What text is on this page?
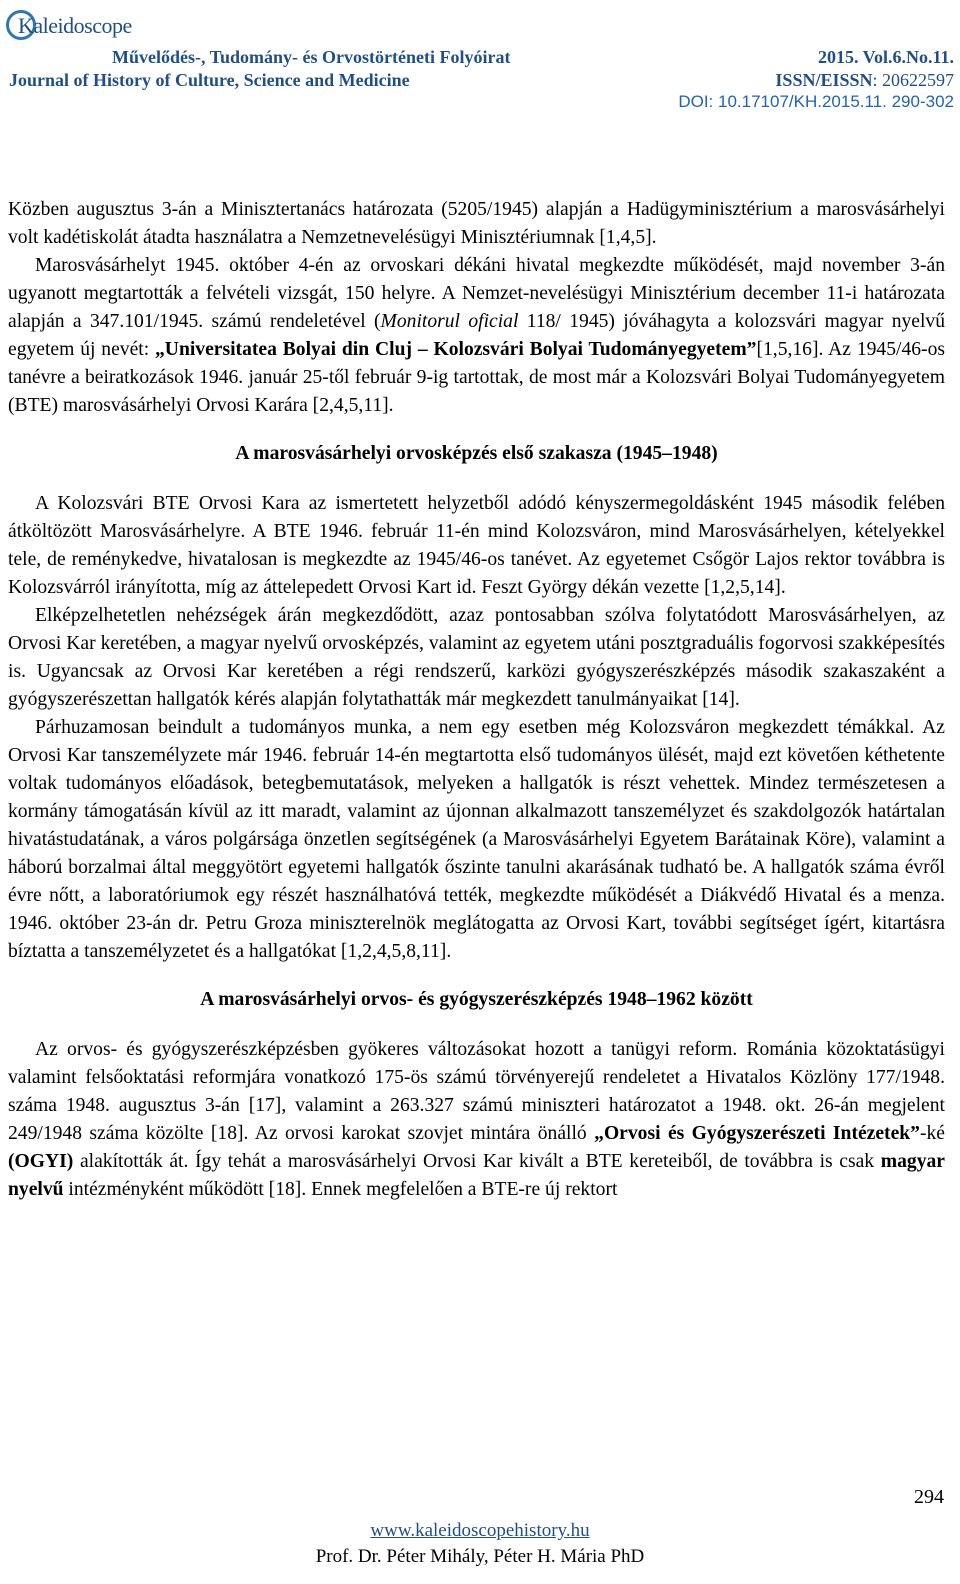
Kaleidoscope
Művelődés-, Tudomány- és Orvostörténeti Folyóirat
Journal of History of Culture, Science and Medicine
2015. Vol.6.No.11.
ISSN/EISSN: 20622597
DOI: 10.17107/KH.2015.11. 290-302

Közben augusztus 3-án a Minisztertanács határozata (5205/1945) alapján a Hadügyminisztérium a marosvásárhelyi volt kadétiskolát átadta használatra a Nemzetnevelésügyi Minisztériumnak [1,4,5].

Marosvásárhelyt 1945. október 4-én az orvoskari dékáni hivatal megkezdte működését, majd november 3-án ugyanott megtartották a felvételi vizsgát, 150 helyre. A Nemzet-nevelésügyi Minisztérium december 11-i határozata alapján a 347.101/1945. számú rendeletével (Monitorul oficial 118/ 1945) jóváhagyta a kolozsvári magyar nyelvű egyetem új nevét: „Universitatea Bolyai din Cluj – Kolozsvári Bolyai Tudományegyetem”[1,5,16]. Az 1945/46-os tanévre a beiratkozások 1946. január 25-től február 9-ig tartottak, de most már a Kolozsvári Bolyai Tudományegyetem (BTE) marosvásárhelyi Orvosi Karára [2,4,5,11].

A marosvásárhelyi orvosképzés első szakasza (1945–1948)

A Kolozsvári BTE Orvosi Kara az ismertetett helyzetből adódó kényszermegoldásként 1945 második felében átköltözött Marosvásárhelyre. A BTE 1946. február 11-én mind Kolozsváron, mind Marosvásárhelyen, kételyekkel tele, de reménykedve, hivatalosan is megkezdte az 1945/46-os tanévet. Az egyetemet Csőgör Lajos rektor továbbra is Kolozsvárról irányította, míg az áttelepedett Orvosi Kart id. Feszt György dékán vezette [1,2,5,14].

Elképzelhetetlen nehézségek árán megkezdődött, azaz pontosabban szólva folytatódott Marosvásárhelyen, az Orvosi Kar keretében, a magyar nyelvű orvosképzés, valamint az egyetem utáni posztgraduális fogorvosi szakképesítés is. Ugyancsak az Orvosi Kar keretében a régi rendszerű, karközi gyógyszerészképzés második szakaszaként a gyógyszerészettan hallgatók kérés alapján folytathatták már megkezdett tanulmányaikat [14].

Párhuzamosan beindult a tudományos munka, a nem egy esetben még Kolozsváron megkezdett témákkal. Az Orvosi Kar tanszemélyzete már 1946. február 14-én megtartotta első tudományos ülését, majd ezt követően kéthetente voltak tudományos előadások, betegbemutatások, melyeken a hallgatók is részt vehettek. Mindez természetesen a kormány támogatásán kívül az itt maradt, valamint az újonnan alkalmazott tanszemélyzet és szakdolgozók határtalan hivatástudatának, a város polgársága önzetlen segítségének (a Marosvásárhelyi Egyetem Barátainak Köre), valamint a háború borzalmai által meggyötört egyetemi hallgatók őszinte tanulni akarásának tudható be. A hallgatók száma évről évre nőtt, a laboratóriumok egy részét használhatóvá tették, megkezdte működését a Diákvédő Hivatal és a menza. 1946. október 23-án dr. Petru Groza miniszterelnök meglátogatta az Orvosi Kart, további segítséget ígért, kitartásra bíztatta a tanszemélyzetet és a hallgatókat [1,2,4,5,8,11].

A marosvásárhelyi orvos- és gyógyszerészképzés 1948–1962 között

Az orvos- és gyógyszerészképzésben gyökeres változásokat hozott a tanügyi reform. Románia közoktatásügyi valamint felsőoktatási reformjára vonatkozó 175-ös számú törvényerejű rendeletet a Hivatalos Közlöny 177/1948. száma 1948. augusztus 3-án [17], valamint a 263.327 számú miniszteri határozatot a 1948. okt. 26-án megjelent 249/1948 száma közölte [18]. Az orvosi karokat szovjet mintára önálló „Orvosi és Gyógyszerészeti Intézetek”-ké (OGYI) alakították át. Így tehát a marosvásárhelyi Orvosi Kar kivált a BTE kereteiből, de továbbra is csak magyar nyelvű intézményként működött [18]. Ennek megfelelően a BTE-re új rektort

294
www.kaleidoscopehistory.hu
Prof. Dr. Péter Mihály, Péter H. Mária PhD
